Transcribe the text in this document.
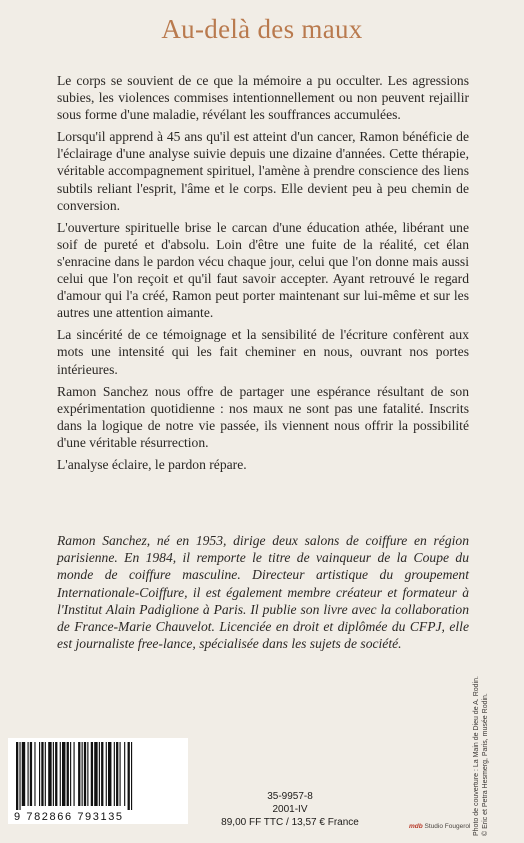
Au-delà des maux

Le corps se souvient de ce que la mémoire a pu occulter. Les agressions subies, les violences commises intentionnellement ou non peuvent rejaillir sous forme d'une maladie, révélant les souffrances accumulées.

Lorsqu'il apprend à 45 ans qu'il est atteint d'un cancer, Ramon bénéficie de l'éclairage d'une analyse suivie depuis une dizaine d'années. Cette thérapie, véritable accompagnement spirituel, l'amène à prendre conscience des liens subtils reliant l'esprit, l'âme et le corps. Elle devient peu à peu chemin de conversion.

L'ouverture spirituelle brise le carcan d'une éducation athée, libérant une soif de pureté et d'absolu. Loin d'être une fuite de la réalité, cet élan s'enracine dans le pardon vécu chaque jour, celui que l'on donne mais aussi celui que l'on reçoit et qu'il faut savoir accepter. Ayant retrouvé le regard d'amour qui l'a créé, Ramon peut porter maintenant sur lui-même et sur les autres une attention aimante.

La sincérité de ce témoignage et la sensibilité de l'écriture confèrent aux mots une intensité qui les fait cheminer en nous, ouvrant nos portes intérieures.

Ramon Sanchez nous offre de partager une espérance résultant de son expérimentation quotidienne : nos maux ne sont pas une fatalité. Inscrits dans la logique de notre vie passée, ils viennent nous offrir la possibilité d'une véritable résurrection.

L'analyse éclaire, le pardon répare.

Ramon Sanchez, né en 1953, dirige deux salons de coiffure en région parisienne. En 1984, il remporte le titre de vainqueur de la Coupe du monde de coiffure masculine. Directeur artistique du groupement Internationale-Coiffure, il est également membre créateur et formateur à l'Institut Alain Padiglione à Paris. Il publie son livre avec la collaboration de France-Marie Chauvelot. Licenciée en droit et diplômée du CFPJ, elle est journaliste free-lance, spécialisée dans les sujets de société.

Photo de couverture : La Main de Dieu de A. Rodin. © Eric et Petra Hesmerg, Paris, musée Rodin.
9 782866 793135
35-9957-8
2001-IV
89,00 FF TTC / 13,57 € France	mdb Studio Fougerol
